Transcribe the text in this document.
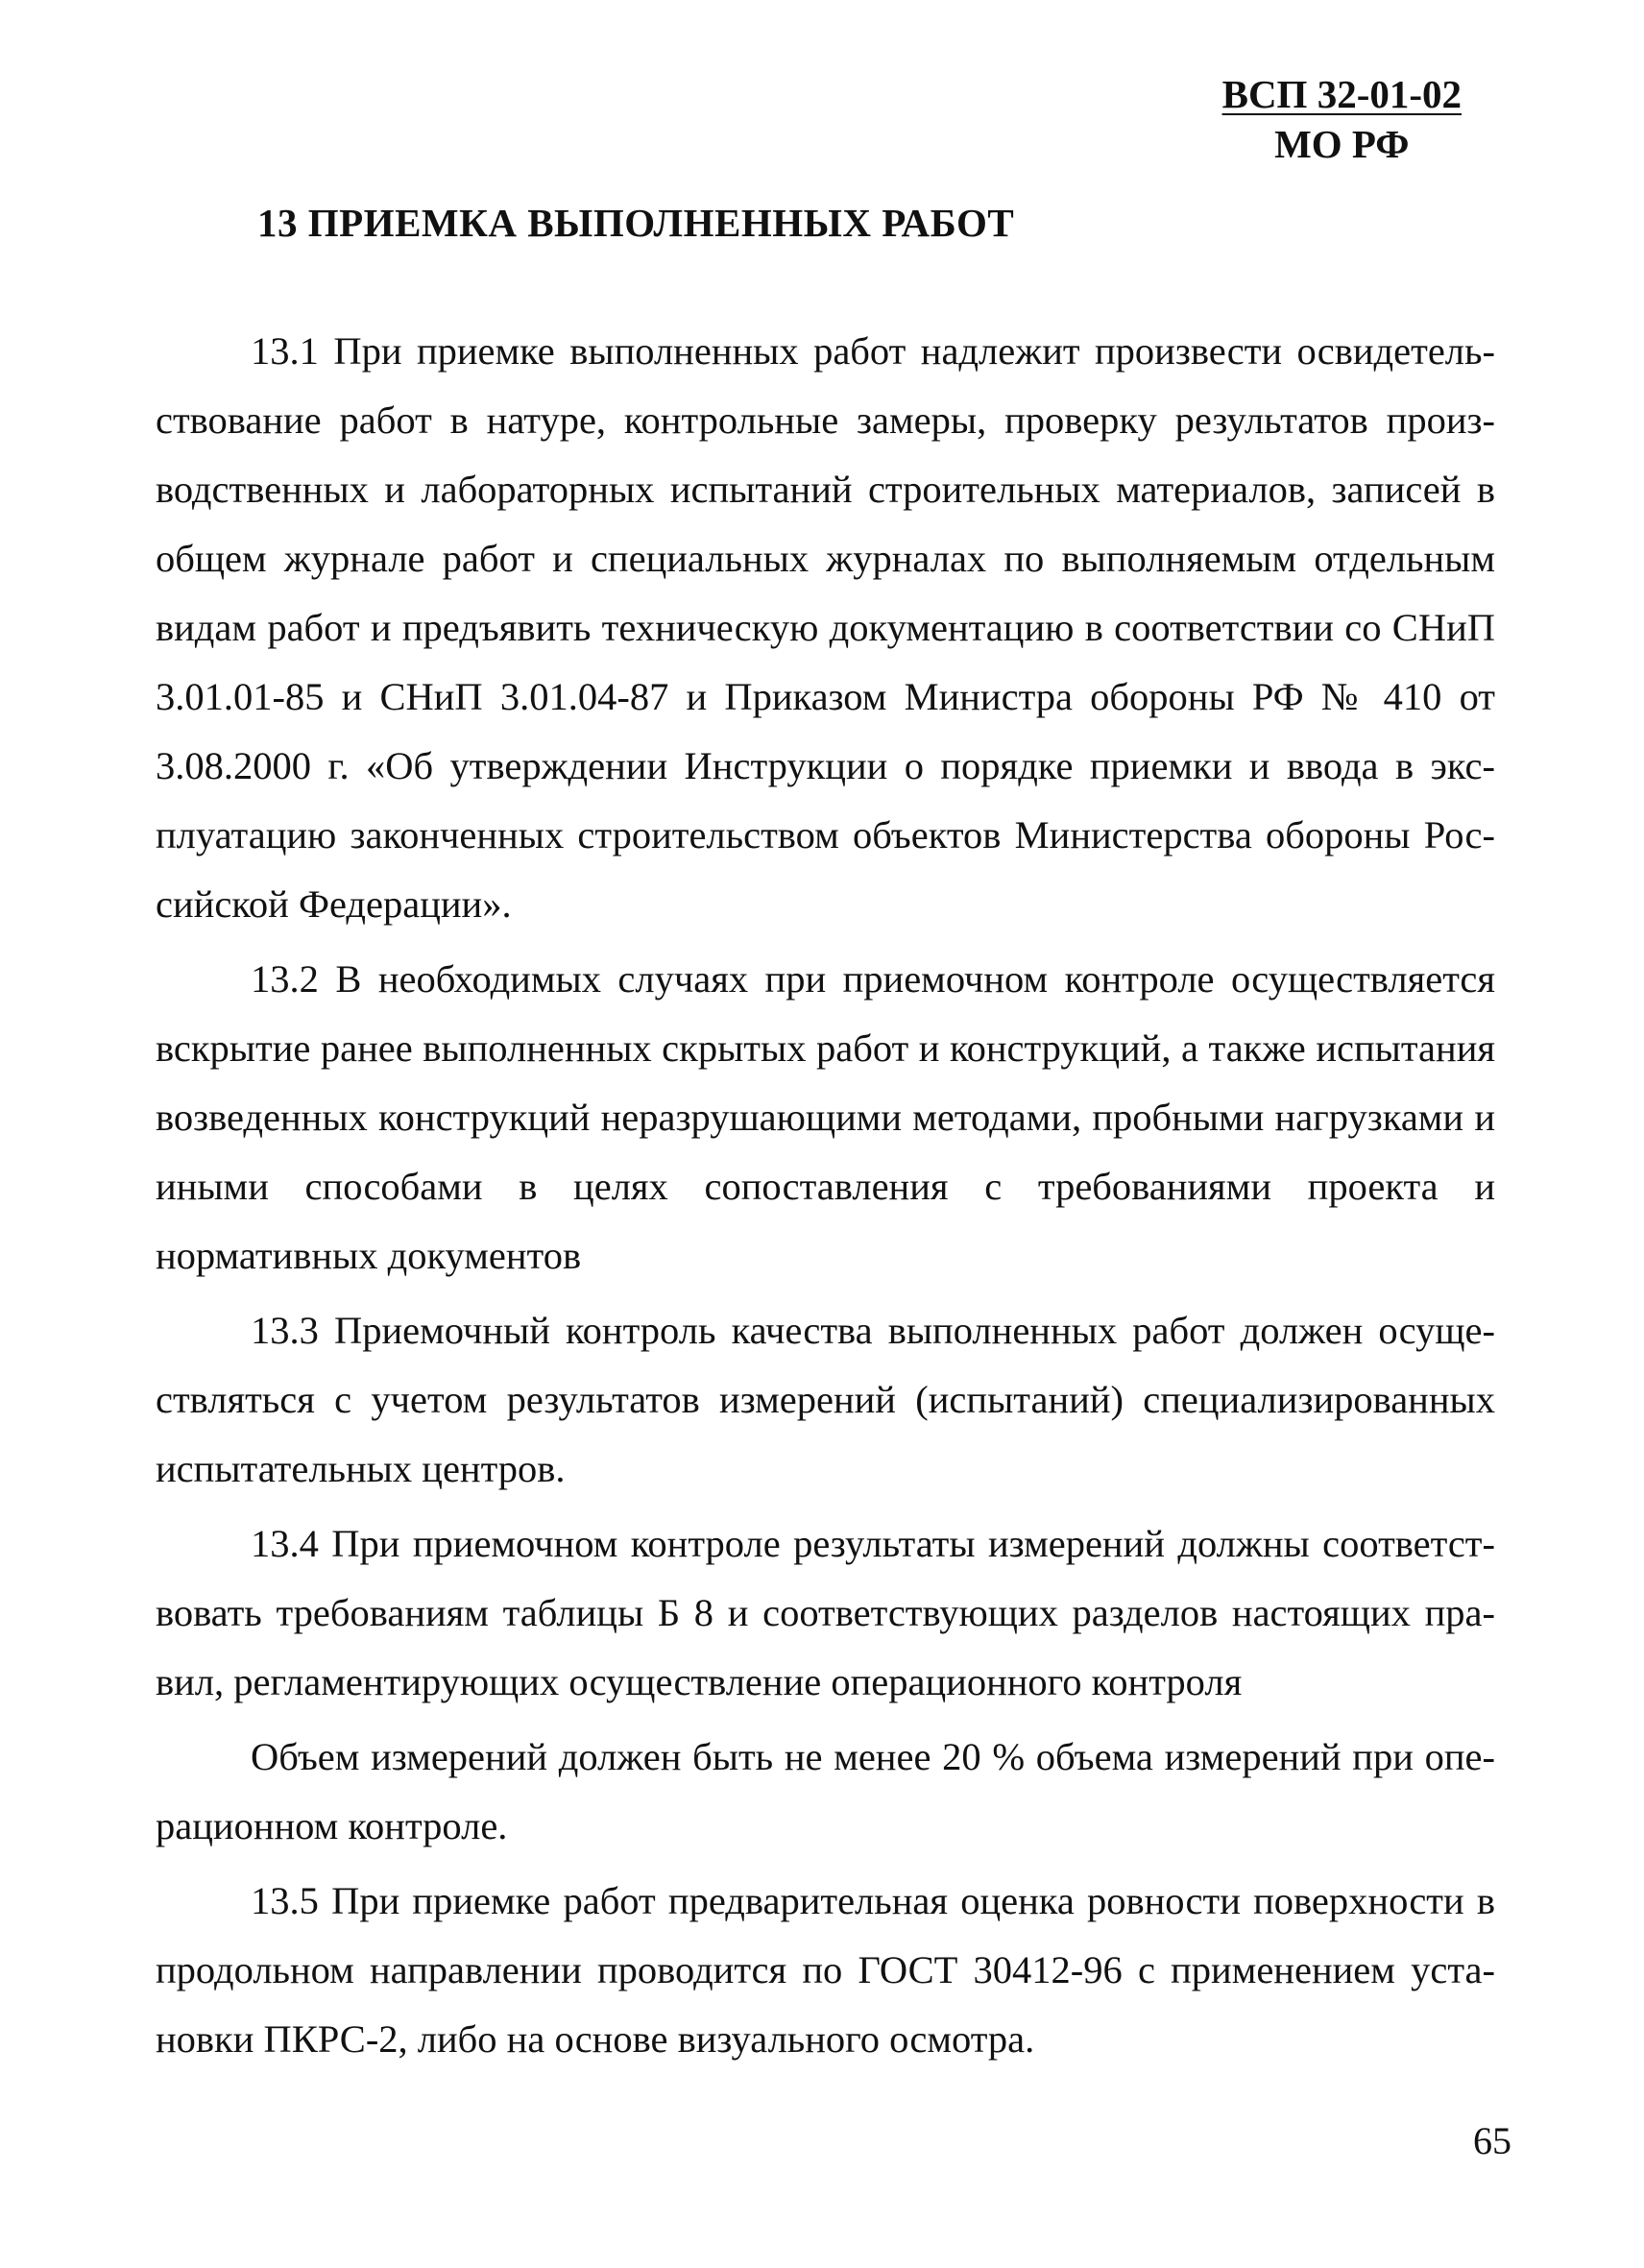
ВСП 32-01-02
МО РФ
13 ПРИЕМКА ВЫПОЛНЕННЫХ РАБОТ

13.1 При приемке выполненных работ надлежит произвести освидетельствование работ в натуре, контрольные замеры, проверку результатов производственных и лабораторных испытаний строительных материалов, записей в общем журнале работ и специальных журналах по выполняемым отдельным видам работ и предъявить техническую документацию в соответствии со СНиП 3.01.01-85 и СНиП 3.01.04-87 и Приказом Министра обороны РФ № 410 от 3.08.2000 г. «Об утверждении Инструкции о порядке приемки и ввода в эксплуатацию законченных строительством объектов Министерства обороны Российской Федерации».

13.2 В необходимых случаях при приемочном контроле осуществляется вскрытие ранее выполненных скрытых работ и конструкций, а также испытания возведенных конструкций неразрушающими методами, пробными нагрузками и иными способами в целях сопоставления с требованиями проекта и нормативных документов

13.3 Приемочный контроль качества выполненных работ должен осуществляться с учетом результатов измерений (испытаний) специализированных испытательных центров.

13.4 При приемочном контроле результаты измерений должны соответствовать требованиям таблицы Б 8 и соответствующих разделов настоящих правил, регламентирующих осуществление операционного контроля

Объем измерений должен быть не менее 20 % объема измерений при операционном контроле.

13.5 При приемке работ предварительная оценка ровности поверхности в продольном направлении проводится по ГОСТ 30412-96 с применением установки ПКРС-2, либо на основе визуального осмотра.

65
